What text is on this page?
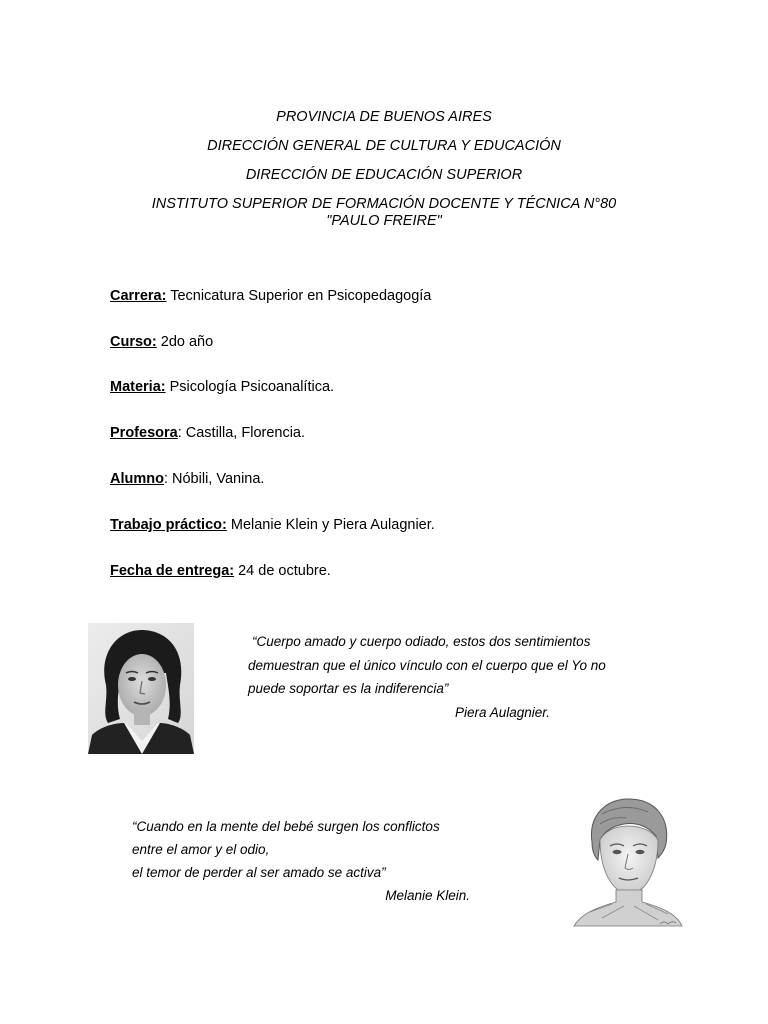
PROVINCIA DE BUENOS AIRES
DIRECCIÓN GENERAL DE CULTURA Y EDUCACIÓN
DIRECCIÓN DE EDUCACIÓN SUPERIOR
INSTITUTO SUPERIOR DE FORMACIÓN DOCENTE Y TÉCNICA N°80
"PAULO FREIRE"
Carrera: Tecnicatura Superior en Psicopedagogía
Curso: 2do año
Materia: Psicología Psicoanalítica.
Profesora: Castilla, Florencia.
Alumno: Nóbili, Vanina.
Trabajo práctico: Melanie Klein y Piera Aulagnier.
Fecha de entrega: 24 de octubre.
“Cuerpo amado y cuerpo odiado, estos dos sentimientos
demuestran que el único vínculo con el cuerpo que el Yo no
puede soportar es la indiferencia”
Piera Aulagnier.
“Cuando en la mente del bebé surgen los conflictos
entre el amor y el odio,
el temor de perder al ser amado se activa”
Melanie Klein.
